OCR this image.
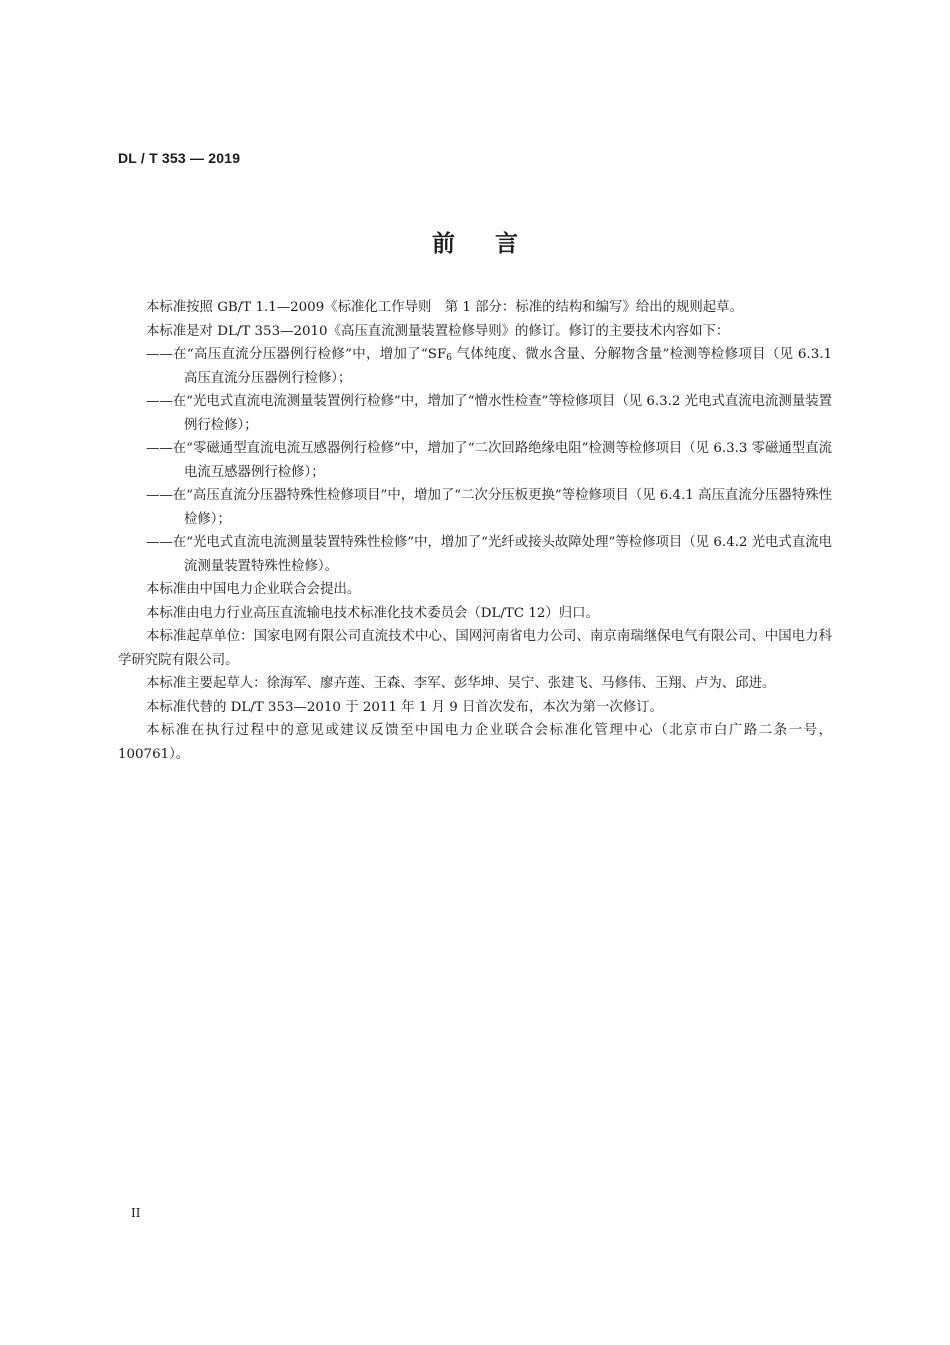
DL / T 353 — 2019
前言

本标准按照 GB/T 1.1—2009《标准化工作导则　第 1 部分：标准的结构和编写》给出的规则起草。

本标准是对 DL/T 353—2010《高压直流测量装置检修导则》的修订。修订的主要技术内容如下：

——在“高压直流分压器例行检修”中，增加了“$SF_6$ 气体纯度、微水含量、分解物含量”检测等检修项目（见 6.3.1 高压直流分压器例行检修）；

——在“光电式直流电流测量装置例行检修”中，增加了“憎水性检查”等检修项目（见 6.3.2 光电式直流电流测量装置例行检修）；

——在“零磁通型直流电流互感器例行检修”中，增加了“二次回路绝缘电阻”检测等检修项目（见 6.3.3 零磁通型直流电流互感器例行检修）；

——在“高压直流分压器特殊性检修项目”中，增加了“二次分压板更换”等检修项目（见 6.4.1 高压直流分压器特殊性检修）；

——在“光电式直流电流测量装置特殊性检修”中，增加了“光纤或接头故障处理”等检修项目（见 6.4.2 光电式直流电流测量装置特殊性检修）。

本标准由中国电力企业联合会提出。

本标准由电力行业高压直流输电技术标准化技术委员会（DL/TC 12）归口。

本标准起草单位：国家电网有限公司直流技术中心、国网河南省电力公司、南京南瑞继保电气有限公司、中国电力科学研究院有限公司。

本标准主要起草人：徐海军、廖卉莲、王森、李军、彭华坤、吴宁、张建飞、马修伟、王翔、卢为、邱进。

本标准代替的 DL/T 353—2010 于 2011 年 1 月 9 日首次发布，本次为第一次修订。

本标准在执行过程中的意见或建议反馈至中国电力企业联合会标准化管理中心（北京市白广路二条一号，100761）。

II
